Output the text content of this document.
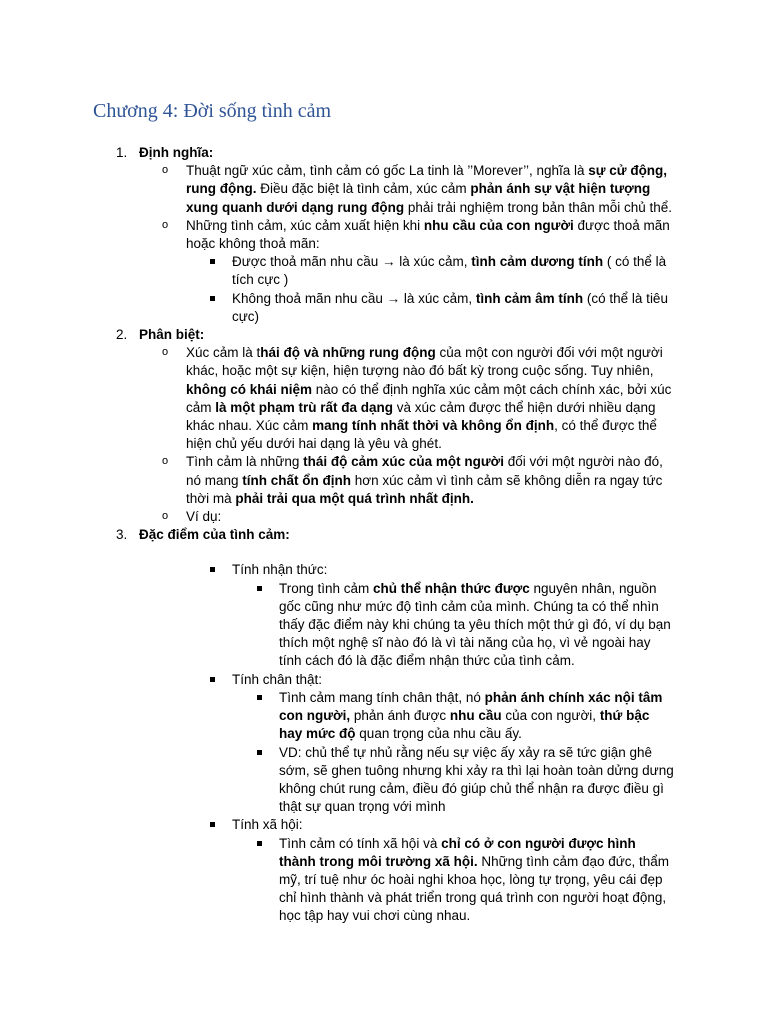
Chương 4: Đời sống tình cảm
1. Định nghĩa:
o Thuật ngữ xúc cảm, tình cảm có gốc La tinh là ’’Morever’’, nghĩa là sự cử động, rung động. Điều đặc biệt là tình cảm, xúc cảm phản ánh sự vật hiện tượng xung quanh dưới dạng rung động phải trải nghiệm trong bản thân mỗi chủ thể.
o Những tình cảm, xúc cảm xuất hiện khi nhu cầu của con người được thoả mãn hoặc không thoả mãn:
Được thoả mãn nhu cầu → là xúc cảm, tình cảm dương tính ( có thể là tích cực )
Không thoả mãn nhu cầu → là xúc cảm, tình cảm âm tính (có thể là tiêu cực)
2. Phân biệt:
o Xúc cảm là thái độ và những rung động của một con người đối với một người khác, hoặc một sự kiện, hiện tượng nào đó bất kỳ trong cuộc sống. Tuy nhiên, không có khái niệm nào có thể định nghĩa xúc cảm một cách chính xác, bởi xúc cảm là một phạm trù rất đa dạng và xúc cảm được thể hiện dưới nhiều dạng khác nhau. Xúc cảm mang tính nhất thời và không ổn định, có thể được thể hiện chủ yếu dưới hai dạng là yêu và ghét.
o Tình cảm là những thái độ cảm xúc của một người đối với một người nào đó, nó mang tính chất ổn định hơn xúc cảm vì tình cảm sẽ không diễn ra ngay tức thời mà phải trải qua một quá trình nhất định.
o Ví dụ:
3. Đặc điểm của tình cảm:
Tính nhận thức:
Trong tình cảm chủ thể nhận thức được nguyên nhân, nguồn gốc cũng như mức độ tình cảm của mình. Chúng ta có thể nhìn thấy đặc điểm này khi chúng ta yêu thích một thứ gì đó, ví dụ bạn thích một nghệ sĩ nào đó là vì tài năng của họ, vì vẻ ngoài hay tính cách đó là đặc điểm nhận thức của tình cảm.
Tính chân thật:
Tình cảm mang tính chân thật, nó phản ánh chính xác nội tâm con người, phản ánh được nhu cầu của con người, thứ bậc hay mức độ quan trọng của nhu cầu ấy.
VD: chủ thể tự nhủ rằng nếu sự việc ấy xảy ra sẽ tức giận ghê sớm, sẽ ghen tuông nhưng khi xảy ra thì lại hoàn toàn dửng dưng không chút rung cảm, điều đó giúp chủ thể nhận ra được điều gì thật sự quan trọng với mình
Tính xã hội:
Tình cảm có tính xã hội và chỉ có ở con người được hình thành trong môi trường xã hội. Những tình cảm đạo đức, thẩm mỹ, trí tuệ như óc hoài nghi khoa học, lòng tự trọng, yêu cái đẹp chỉ hình thành và phát triển trong quá trình con người hoạt động, học tập hay vui chơi cùng nhau.
